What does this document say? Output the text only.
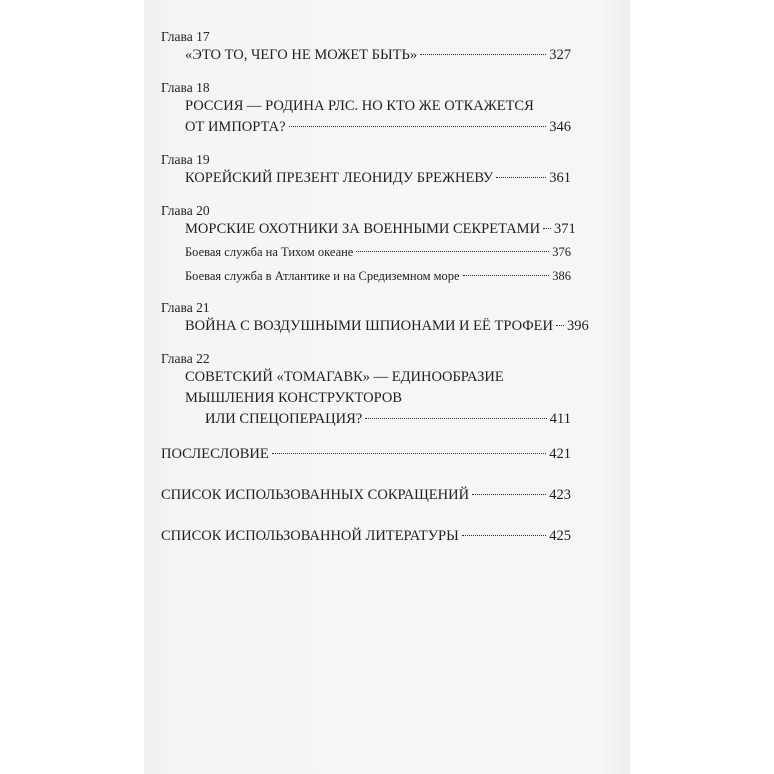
Глава 17
«ЭТО ТО, ЧЕГО НЕ МОЖЕТ БЫТЬ»	327
Глава 18
РОССИЯ — РОДИНА РЛС. НО КТО ЖЕ ОТКАЖЕТСЯ
ОТ ИМПОРТА?	346
Глава 19
КОРЕЙСКИЙ ПРЕЗЕНТ ЛЕОНИДУ БРЕЖНЕВУ	361
Глава 20
МОРСКИЕ ОХОТНИКИ ЗА ВОЕННЫМИ СЕКРЕТАМИ 371
Боевая служба на Тихом океане	376
Боевая служба в Атлантике и на Средиземном море	386
Глава 21
ВОЙНА С ВОЗДУШНЫМИ ШПИОНАМИ И ЕЁ ТРОФЕИ 396
Глава 22
СОВЕТСКИЙ «ТОМАГАВК» — ЕДИНООБРАЗИЕ
МЫШЛЕНИЯ КОНСТРУКТОРОВ
ИЛИ СПЕЦОПЕРАЦИЯ?	411
ПОСЛЕСЛОВИЕ	421
СПИСОК ИСПОЛЬЗОВАННЫХ СОКРАЩЕНИЙ	423
СПИСОК ИСПОЛЬЗОВАННОЙ ЛИТЕРАТУРЫ	425
